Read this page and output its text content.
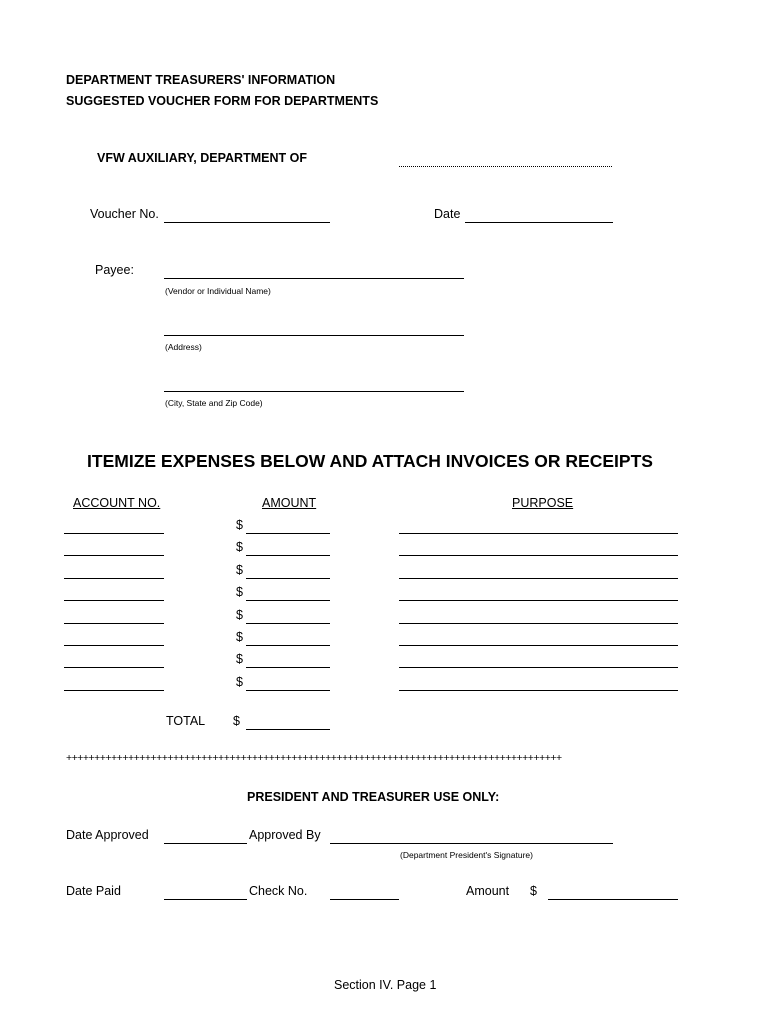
DEPARTMENT TREASURERS' INFORMATION
SUGGESTED VOUCHER FORM FOR DEPARTMENTS
VFW AUXILIARY, DEPARTMENT OF
Voucher No.	Date
Payee:
(Vendor or Individual Name)
(Address)
(City, State and Zip Code)
ITEMIZE EXPENSES BELOW AND ATTACH INVOICES OR RECEIPTS
ACCOUNT NO.	AMOUNT	PURPOSE
$
$
$
$
$
$
$
$
TOTAL $
++++++++++++++++++++++++++++++++++++++++++++++++++++++++++++++++++++++++++++++++++++++++
PRESIDENT AND TREASURER USE ONLY:
Date Approved	Approved By
(Department President's Signature)
Date Paid	Check No.	Amount $
Section IV. Page 1
